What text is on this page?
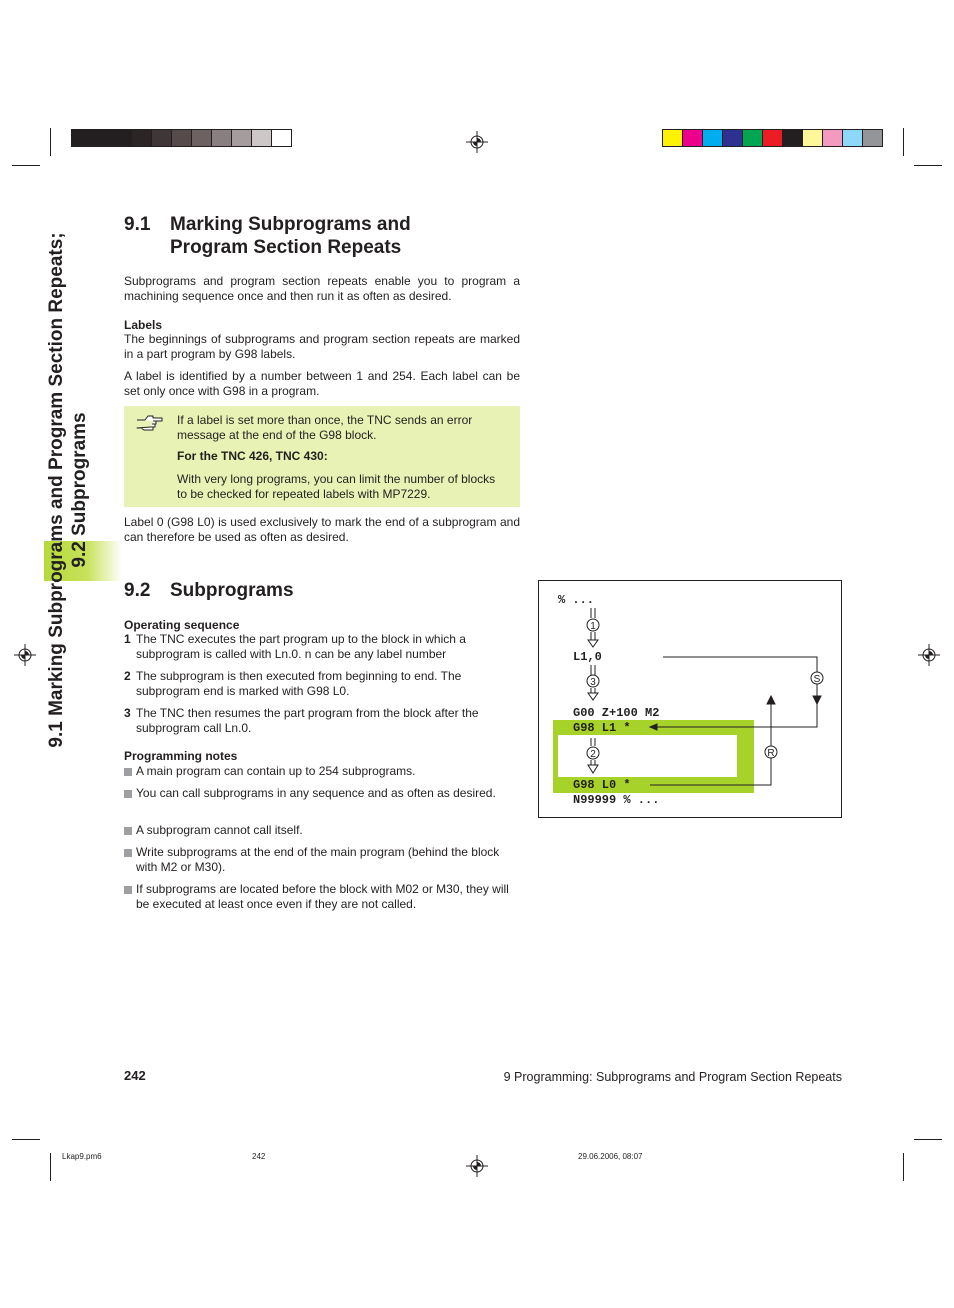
9.1 Marking Subprograms and Program Section Repeats; 9.2 Subprograms
9.1 Marking Subprograms and
Program Section Repeats

Subprograms and program section repeats enable you to program a machining sequence once and then run it as often as desired.

Labels

The beginnings of subprograms and program section repeats are marked in a part program by G98 labels.

A label is identified by a number between 1 and 254. Each label can be set only once with G98 in a program.

If a label is set more than once, the TNC sends an error message at the end of the G98 block.

For the TNC 426, TNC 430:

With very long programs, you can limit the number of blocks to be checked for repeated labels with MP7229.

Label 0 (G98 L0) is used exclusively to mark the end of a subprogram and can therefore be used as often as desired.

9.2 Subprograms

Operating sequence

1 The TNC executes the part program up to the block in which a subprogram is called with Ln.0. n can be any label number
2 The subprogram is then executed from beginning to end. The subprogram end is marked with G98 L0.
3 The TNC then resumes the part program from the block after the subprogram call Ln.0.

Programming notes

A main program can contain up to 254 subprograms.
You can call subprograms in any sequence and as often as desired.
A subprogram cannot call itself.
Write subprograms at the end of the main program (behind the block with M2 or M30).
If subprograms are located before the block with M02 or M30, they will be executed at least once even if they are not called.
1
3
2
S
R
% ...
L1,0
G00 Z+100 M2
G98 L1 *
G98 L0 *
N99999 % ...
242	9 Programming: Subprograms and Program Section Repeats
Lkap9.pm6	242	29.06.2006, 08:07
